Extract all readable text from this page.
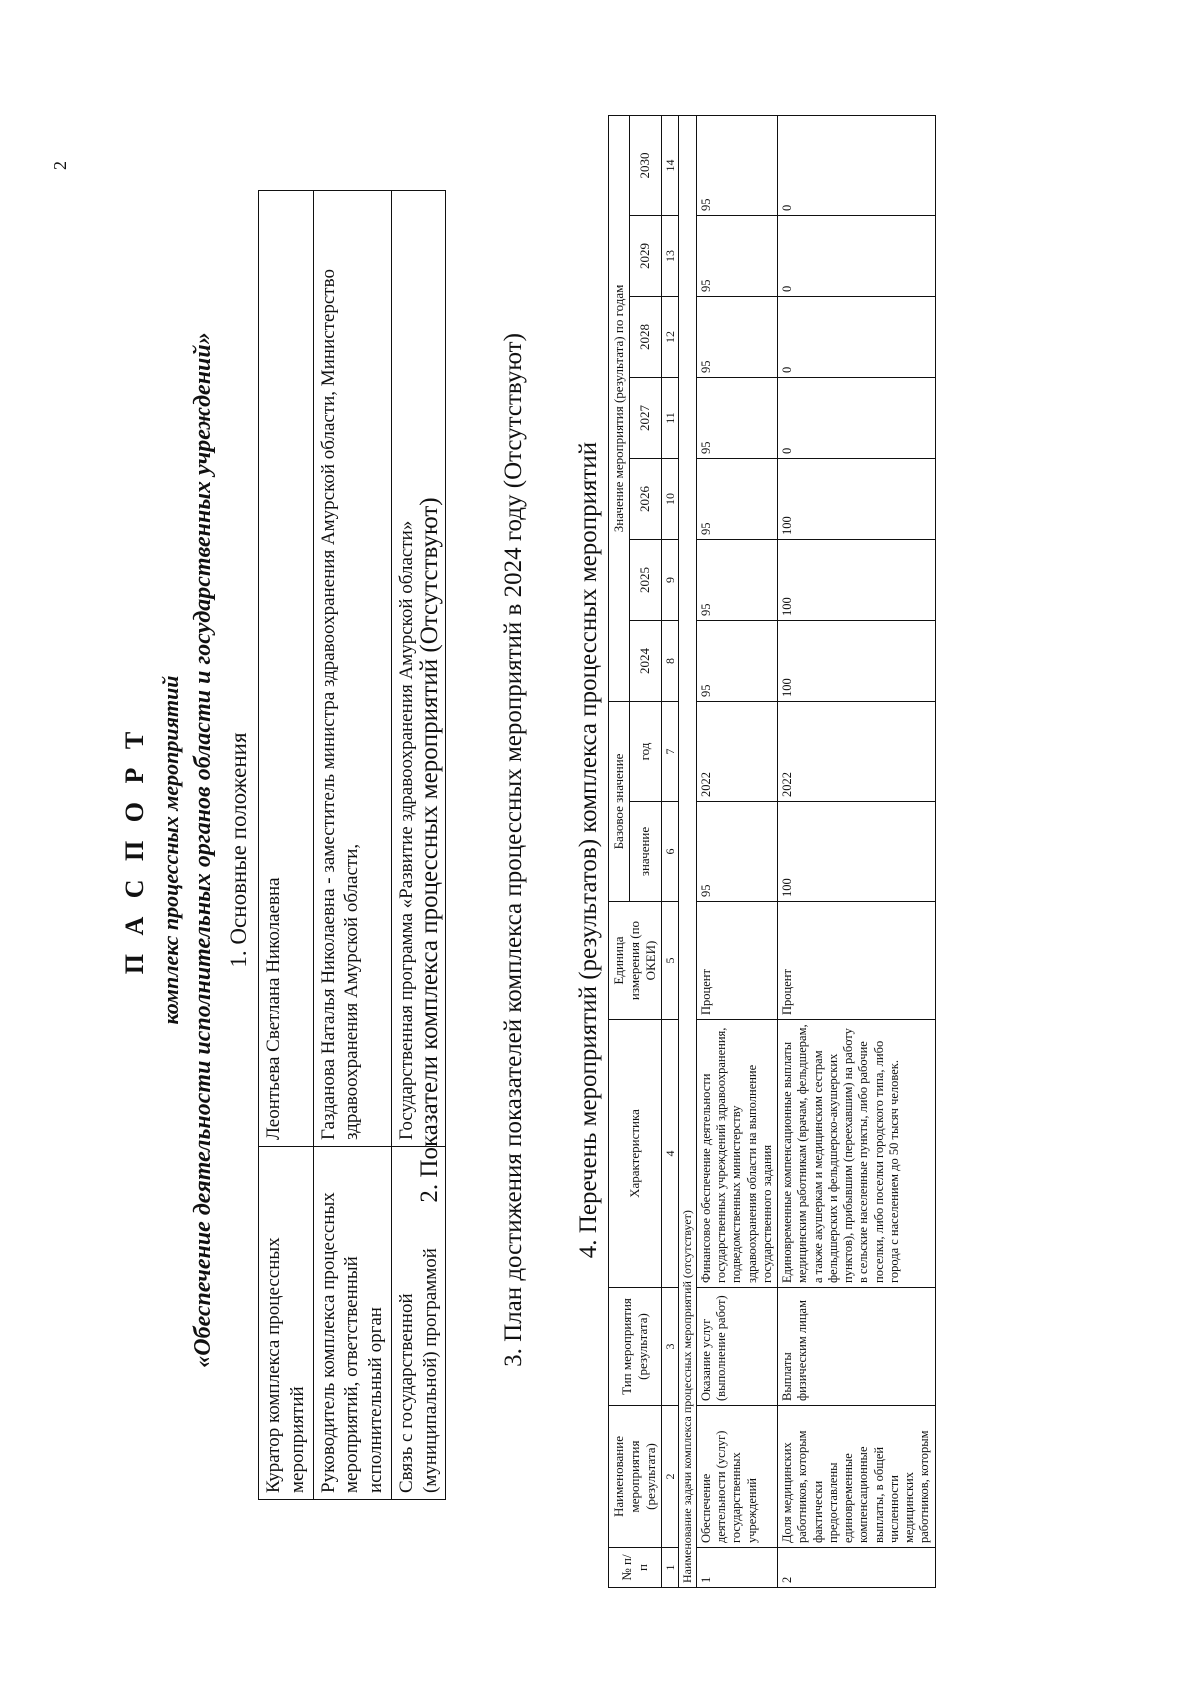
2
П А С П О Р Т комплекс процессных мероприятий «Обеспечение деятельности исполнительных органов области и государственных учреждений» 1. Основные положения
Куратор комплекса процессных мероприятий	Леонтьева Светлана Николаевна
Руководитель комплекса процессных мероприятий, ответственный исполнительный орган	Газданова Наталья Николаевна - заместитель министра здравоохранения Амурской области, Министерство здравоохранения Амурской области,
Связь с государственной (муниципальной) программой	Государственная программа «Развитие здравоохранения Амурской области» 2. Показатели комплекса процессных мероприятий (Отсутствуют) 3. План достижения показателей комплекса процессных мероприятий в 2024 году (Отсутствуют) 4. Перечень мероприятий (результатов) комплекса процессных мероприятий
№ п/п	Наименование мероприятия (результата)	Тип мероприятия (результата)	Характеристика	Единица измерения (по ОКЕИ)	Базовое значение		Значение мероприятия (результата) по годам						
					значение	год	2024	2025	2026	2027	2028	2029	2030

1	2	3	4	5	6	7	8	9	10	11	12	13	14
Наименование задачи комплекса процессных мероприятий (отсутствует)													
1	Обеспечение деятельности (услуг) государственных учреждений	Оказание услуг (выполнение работ)	Финансовое обеспечение деятельности государственных учреждений здравоохранения, подведомственных министерству здравоохранения области на выполнение государственного задания	Процент	95	2022	95	95	95	95	95	95	95
2	Доля медицинских работников, которым фактически предоставлены единовременные компенсационные выплаты, в общей численности медицинских работников, которым	Выплаты физическим лицам	Единовременные компенсационные выплаты медицинским работникам (врачам, фельдшерам, а также акушеркам и медицинским сестрам фельдшерских и фельдшерско-акушерских пунктов), прибывшим (переехавшим) на работу в сельские населенные пункты, либо рабочие поселки, либо поселки городского типа, либо города с населением до 50 тысяч человек.	Процент	100	2022	100	100	100	0	0	0	0
